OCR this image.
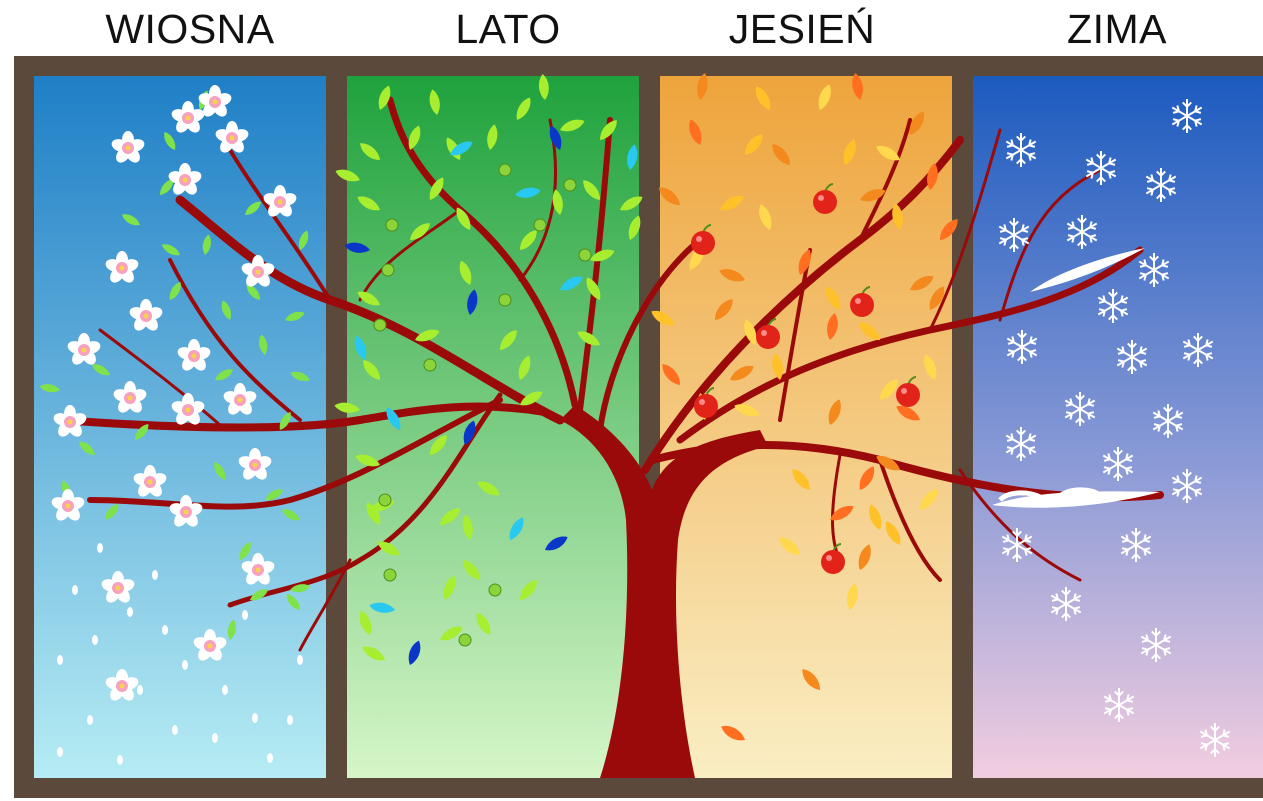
WIOSNA	LATO	JESIEŃ	ZIMA
